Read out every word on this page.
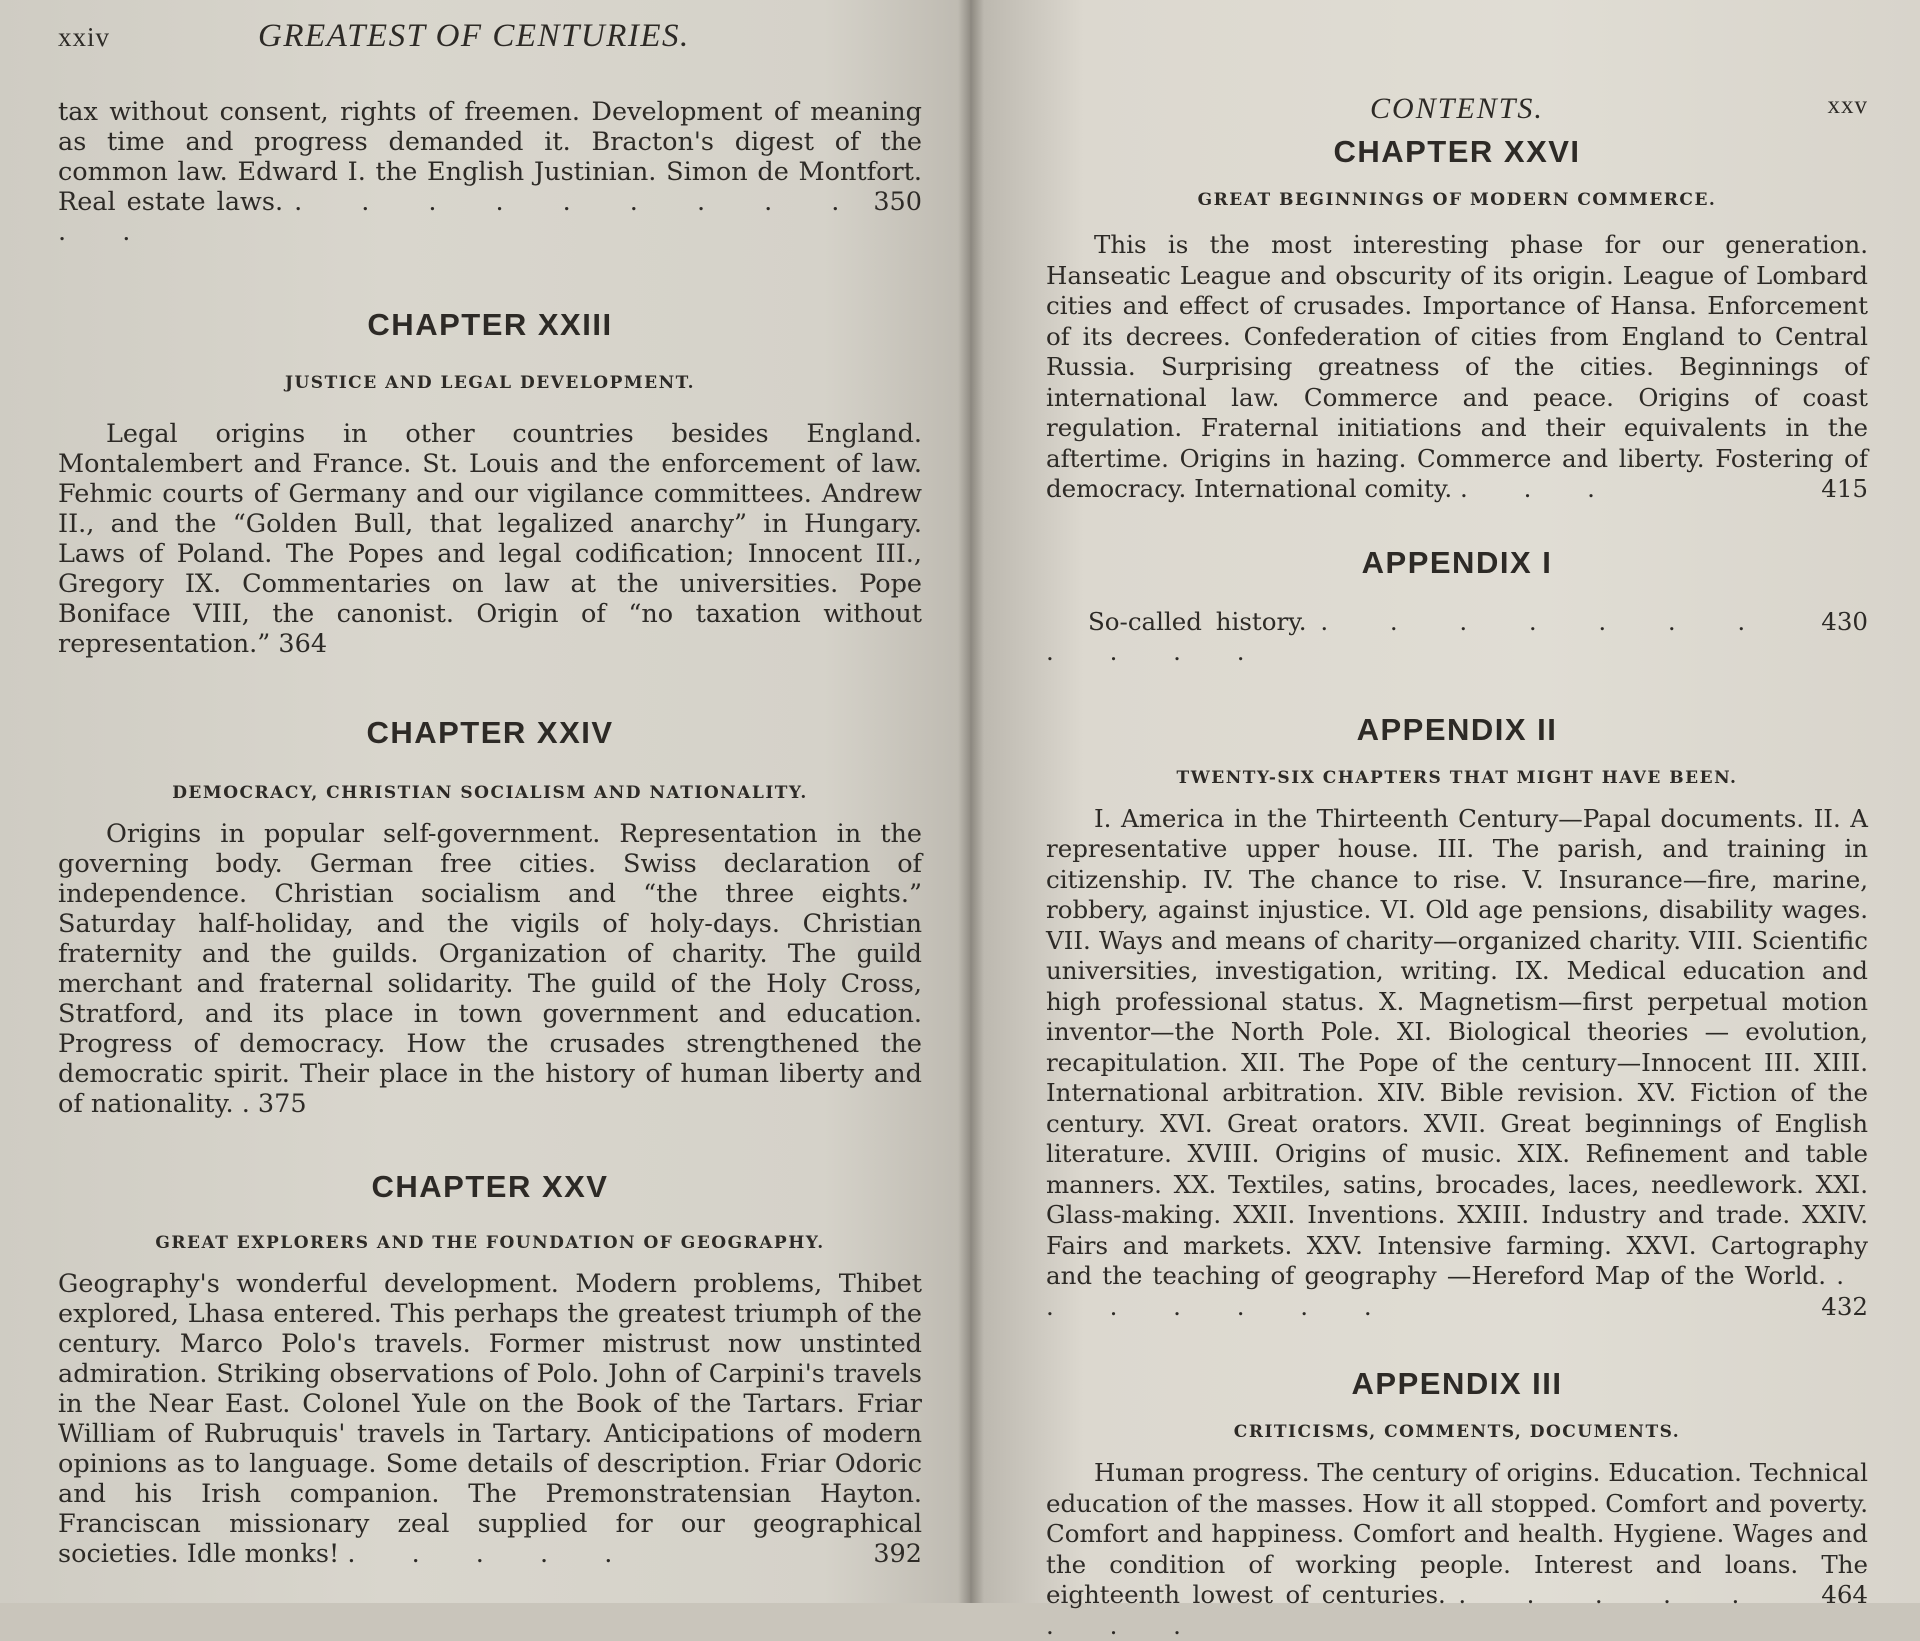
xxiv	GREATEST OF CENTURIES.

tax without consent, rights of freemen. Development of meaning as time and progress demanded it. Bracton's digest of the common law. Edward I. the English Justinian. Simon de Montfort. Real estate laws.	350
. . . . . . . . . . .

CHAPTER XXIII
JUSTICE AND LEGAL DEVELOPMENT.

Legal origins in other countries besides England. Montalembert and France. St. Louis and the enforcement of law. Fehmic courts of Germany and our vigilance committees. Andrew II., and the “Golden Bull, that legalized anarchy” in Hungary. Laws of Poland. The Popes and legal codification; Innocent III., Gregory IX. Commentaries on law at the universities. Pope Boniface VIII, the canonist. Origin of “no taxation without representation.” 364

CHAPTER XXIV
DEMOCRACY, CHRISTIAN SOCIALISM AND NATIONALITY.

Origins in popular self-government. Representation in the governing body. German free cities. Swiss declaration of independence. Christian socialism and “the three eights.” Saturday half-holiday, and the vigils of holy-days. Christian fraternity and the guilds. Organization of charity. The guild merchant and fraternal solidarity. The guild of the Holy Cross, Stratford, and its place in town government and education. Progress of democracy. How the crusades strengthened the democratic spirit. Their place in the history of human liberty and of nationality. . 375

CHAPTER XXV
GREAT EXPLORERS AND THE FOUNDATION OF GEOGRAPHY.

Geography's wonderful development. Modern problems, Thibet explored, Lhasa entered. This perhaps the greatest triumph of the century. Marco Polo's travels. Former mistrust now unstinted admiration. Striking observations of Polo. John of Carpini's travels in the Near East. Colonel Yule on the Book of the Tartars. Friar William of Rubruquis' travels in Tartary. Anticipations of modern opinions as to language. Some details of description. Friar Odoric and his Irish companion. The Premonstratensian Hayton. Franciscan missionary zeal supplied for our geographical societies. Idle monks!	392
. . . . .

CONTENTS.	xxv
CHAPTER XXVI
GREAT BEGINNINGS OF MODERN COMMERCE.

This is the most interesting phase for our generation. Hanseatic League and obscurity of its origin. League of Lombard cities and effect of crusades. Importance of Hansa. Enforcement of its decrees. Confederation of cities from England to Central Russia. Surprising greatness of the cities. Beginnings of international law. Commerce and peace. Origins of coast regulation. Fraternal initiations and their equivalents in the aftertime. Origins in hazing. Commerce and liberty. Fostering of democracy. International comity.	415
. . .

APPENDIX I

So-called history.	430
. . . . . . . . . . .

APPENDIX II
TWENTY-SIX CHAPTERS THAT MIGHT HAVE BEEN.

I. America in the Thirteenth Century—Papal documents. II. A representative upper house. III. The parish, and training in citizenship. IV. The chance to rise. V. Insurance—fire, marine, robbery, against injustice. VI. Old age pensions, disability wages. VII. Ways and means of charity—organized charity. VIII. Scientific universities, investigation, writing. IX. Medical education and high professional status. X. Magnetism—first perpetual motion inventor—the North Pole. XI. Biological theories — evolution, recapitulation. XII. The Pope of the century—Innocent III. XIII. International arbitration. XIV. Bible revision. XV. Fiction of the century. XVI. Great orators. XVII. Great beginnings of English literature. XVIII. Origins of music. XIX. Refinement and table manners. XX. Textiles, satins, brocades, laces, needlework. XXI. Glass-making. XXII. Inventions. XXIII. Industry and trade. XXIV. Fairs and markets. XXV. Intensive farming. XXVI. Cartography and the teaching of geography —Hereford Map of the World.
432
. . . . . . .

APPENDIX III
CRITICISMS, COMMENTS, DOCUMENTS.

Human progress. The century of origins. Education. Technical education of the masses. How it all stopped. Comfort and poverty. Comfort and happiness. Comfort and health. Hygiene. Wages and the condition of working people. Interest and loans. The eighteenth lowest of centuries.	464
. . . . . . . .
